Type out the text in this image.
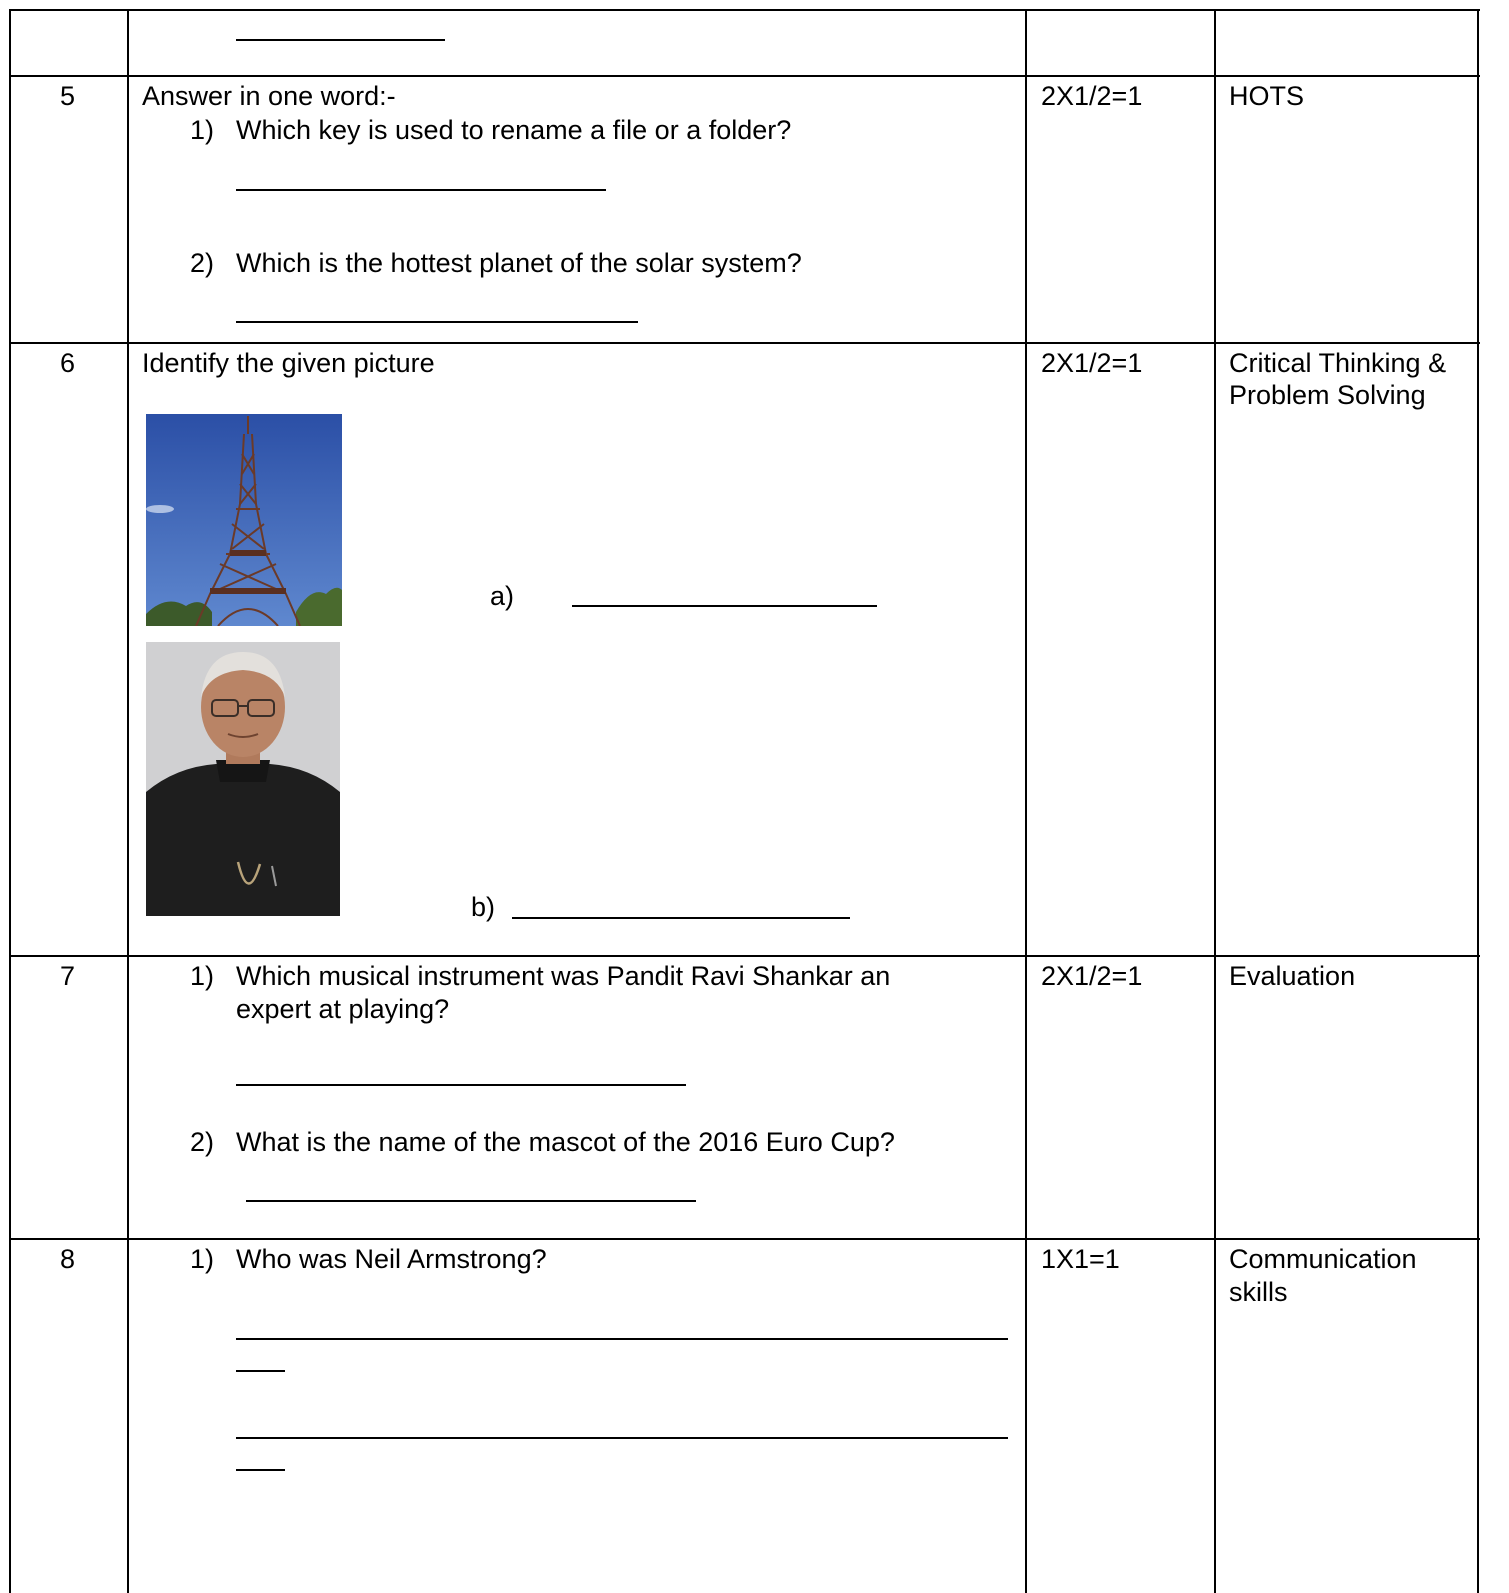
5 Answer in one word:-
1) Which key is used to rename a file or a folder?
2) Which is the hottest planet of the solar system?
2X1/2=1	HOTS
6 Identify the given picture
a)
b)
2X1/2=1	Critical Thinking &
Problem Solving
7	1) Which musical instrument was Pandit Ravi Shankar an
expert at playing?
2) What is the name of the mascot of the 2016 Euro Cup?
2X1/2=1	Evaluation
8	1) Who was Neil Armstrong?	1X1=1	Communication
skills
